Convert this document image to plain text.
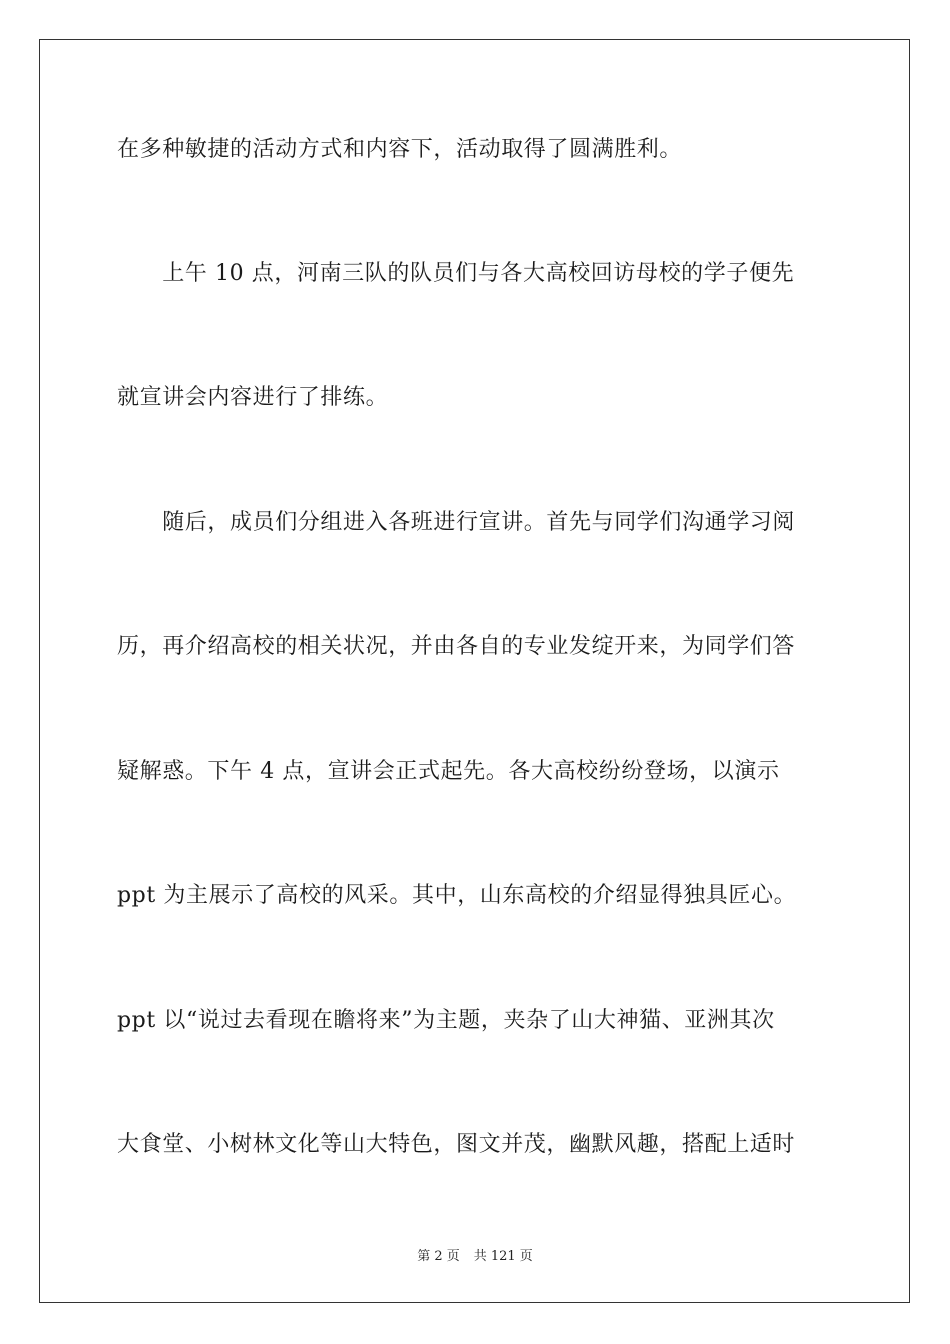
在多种敏捷的活动方式和内容下，活动取得了圆满胜利。
　　上午 10 点，河南三队的队员们与各大高校回访母校的学子便先
就宣讲会内容进行了排练。
　　随后，成员们分组进入各班进行宣讲。首先与同学们沟通学习阅
历，再介绍高校的相关状况，并由各自的专业发绽开来，为同学们答
疑解惑。下午 4 点，宣讲会正式起先。各大高校纷纷登场，以演示
ppt 为主展示了高校的风采。其中，山东高校的介绍显得独具匠心。
ppt 以“说过去看现在瞻将来”为主题，夹杂了山大神猫、亚洲其次
大食堂、小树林文化等山大特色，图文并茂，幽默风趣，搭配上适时
第 2 页 共 121 页
